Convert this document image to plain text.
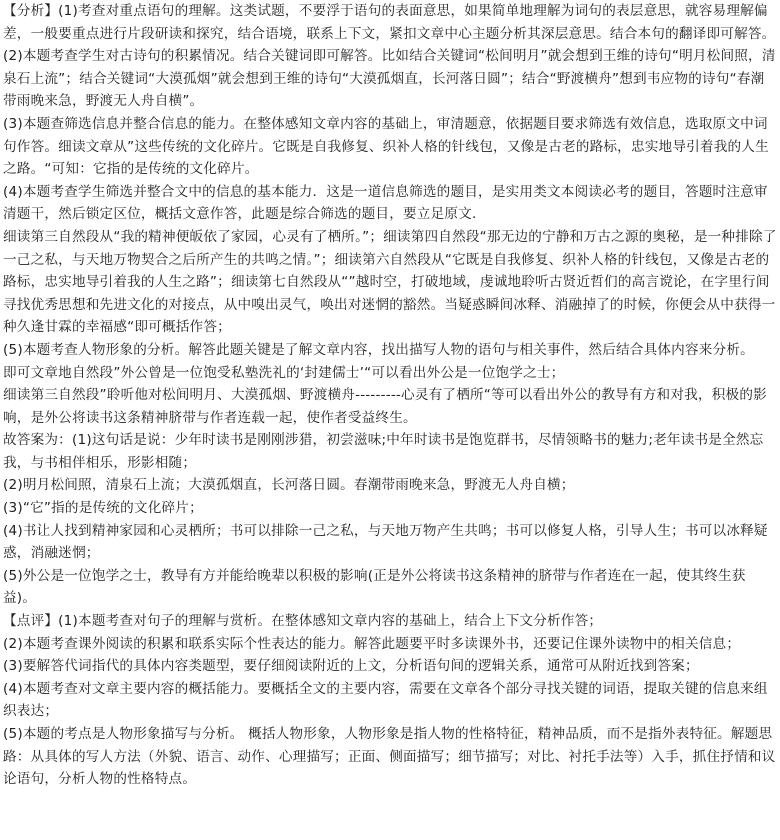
【分析】(1)考查对重点语句的理解。这类试题，不要浮于语句的表面意思，如果简单地理解为词句的表层意思，就容易理解偏差，一般要重点进行片段研读和探究，结合语境，联系上下文，紧扣文章中心主题分析其深层意思。结合本句的翻译即可解答。

(2)本题考查学生对古诗句的积累情况。结合关键词即可解答。比如结合关键词“松间明月”就会想到王维的诗句“明月松间照，清泉石上流”；结合关键词“大漠孤烟”就会想到王维的诗句“大漠孤烟直，长河落日圆”；结合“野渡横舟”想到韦应物的诗句“春潮带雨晚来急，野渡无人舟自横”。

(3)本题查筛选信息并整合信息的能力。在整体感知文章内容的基础上，审清题意，依据题目要求筛选有效信息，选取原文中词句作答。细读文章从”这些传统的文化碎片。它既是自我修复、织补人格的针线包，又像是古老的路标，忠实地导引着我的人生之路。“可知：它指的是传统的文化碎片。

(4)本题考查学生筛选并整合文中的信息的基本能力．这是一道信息筛选的题目，是实用类文本阅读必考的题目，答题时注意审清题干，然后锁定区位，概括文意作答，此题是综合筛选的题目，要立足原文.

细读第三自然段从“我的精神便皈依了家园，心灵有了栖所。”；细读第四自然段“那无边的宁静和万古之源的奥秘，是一种排除了一己之私，与天地万物契合之后所产生的共鸣之情。”；细读第六自然段从“它既是自我修复、织补人格的针线包，又像是古老的路标，忠实地导引着我的人生之路”；细读第七自然段从“”越时空，打破地域，虔诚地聆听古贤近哲们的高言谠论，在字里行间寻找优秀思想和先进文化的对接点，从中嗅出灵气，唤出对迷惘的豁然。当疑惑瞬间冰释、消融掉了的时候，你便会从中获得一种久逢甘霖的幸福感“即可概括作答；

(5)本题考查人物形象的分析。解答此题关键是了解文章内容，找出描写人物的语句与相关事件，然后结合具体内容来分析。

即可文章地自然段”外公曾是一位饱受私塾洗礼的‘封建儒士’“可以看出外公是一位饱学之士；

细读第三自然段”聆听他对松间明月、大漠孤烟、野渡横舟---------心灵有了栖所“等可以看出外公的教导有方和对我，积极的影响，是外公将读书这条精神脐带与作者连载一起，使作者受益终生。

故答案为：(1)这句话是说：少年时读书是刚刚涉猎，初尝滋味;中年时读书是饱览群书，尽情领略书的魅力;老年读书是全然忘我，与书相伴相乐，形影相随；

(2)明月松间照，清泉石上流；大漠孤烟直，长河落日圆。春潮带雨晚来急，野渡无人舟自横；

(3)“它”指的是传统的文化碎片；

(4)书让人找到精神家园和心灵栖所；书可以排除一己之私，与天地万物产生共鸣；书可以修复人格，引导人生；书可以冰释疑惑，消融迷惘；

(5)外公是一位饱学之士，教导有方并能给晚辈以积极的影响(正是外公将读书这条精神的脐带与作者连在一起，使其终生获益)。

【点评】(1)本题考查对句子的理解与赏析。在整体感知文章内容的基础上，结合上下文分析作答；

(2)本题考查课外阅读的积累和联系实际个性表达的能力。解答此题要平时多读课外书，还要记住课外读物中的相关信息；

(3)要解答代词指代的具体内容类题型，要仔细阅读附近的上文，分析语句间的逻辑关系，通常可从附近找到答案；

(4)本题考查对文章主要内容的概括能力。要概括全文的主要内容，需要在文章各个部分寻找关键的词语，提取关键的信息来组织表达；

(5)本题的考点是人物形象描写与分析。 概括人物形象，人物形象是指人物的性格特征，精神品质，而不是指外表特征。解题思路：从具体的写人方法（外貌、语言、动作、心理描写；正面、侧面描写；细节描写；对比、衬托手法等）入手，抓住抒情和议论语句，分析人物的性格特点。
